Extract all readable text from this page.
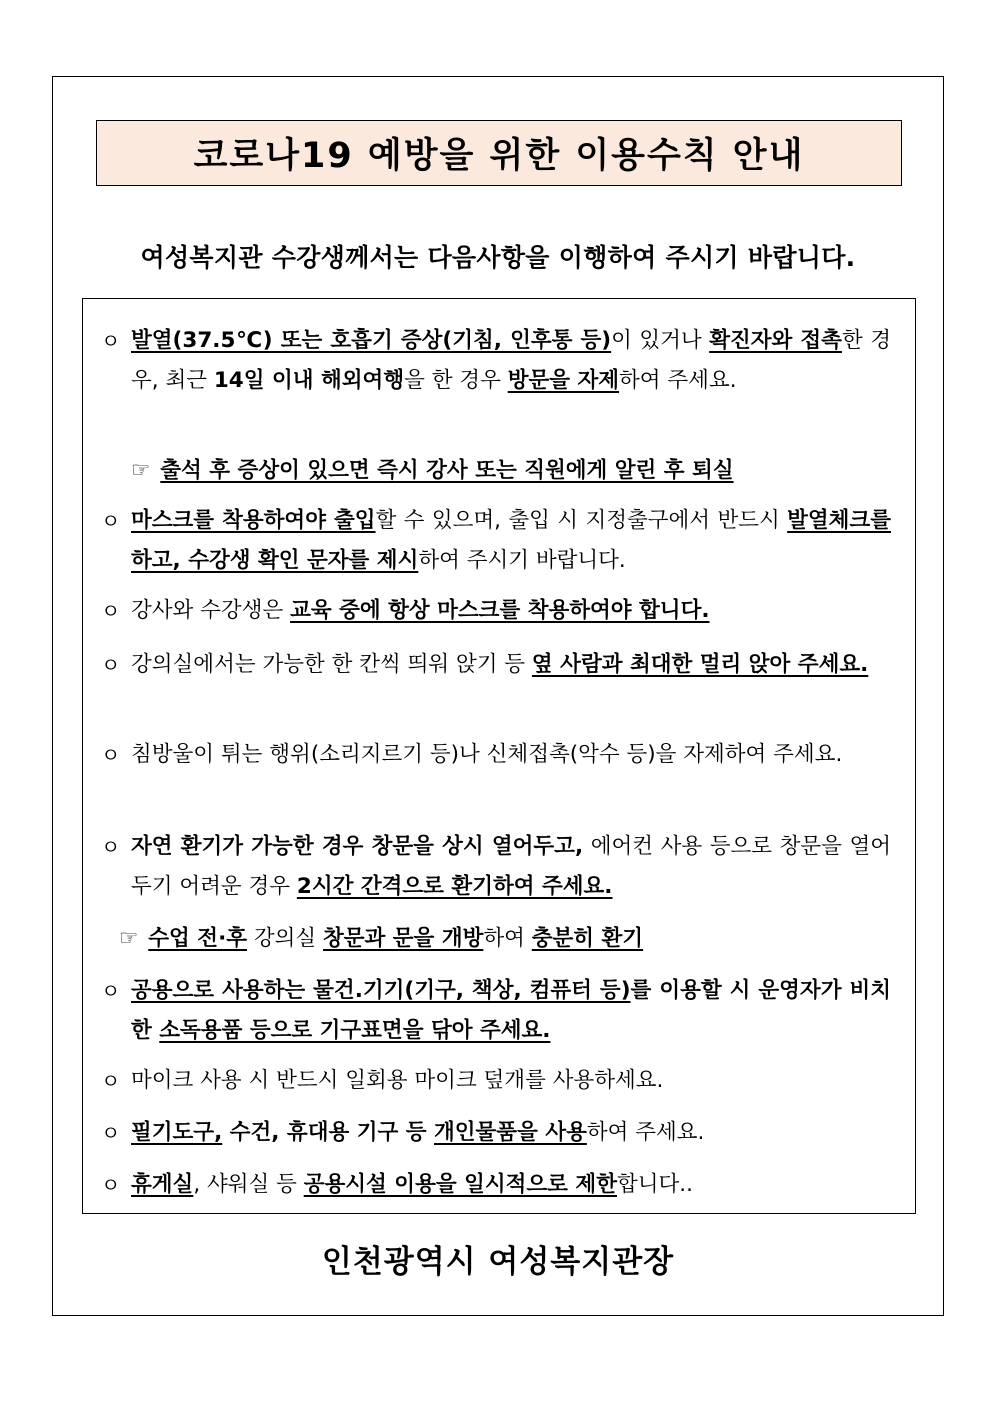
코로나19 예방을 위한 이용수칙 안내
여성복지관 수강생께서는 다음사항을 이행하여 주시기 바랍니다.
ㅇ 발열(37.5℃) 또는 호흡기 증상(기침, 인후통 등)이 있거나 확진자와 접촉한 경우, 최근 14일 이내 해외여행을 한 경우 방문을 자제하여 주세요.
☞ 출석 후 증상이 있으면 즉시 강사 또는 직원에게 알린 후 퇴실
ㅇ 마스크를 착용하여야 출입할 수 있으며, 출입 시 지정출구에서 반드시 발열체크를 하고, 수강생 확인 문자를 제시하여 주시기 바랍니다.
ㅇ 강사와 수강생은 교육 중에 항상 마스크를 착용하여야 합니다.
ㅇ 강의실에서는 가능한 한 칸씩 띄워 앉기 등 옆 사람과 최대한 멀리 앉아 주세요.
ㅇ 침방울이 튀는 행위(소리지르기 등)나 신체접촉(악수 등)을 자제하여 주세요.
ㅇ 자연 환기가 가능한 경우 창문을 상시 열어두고, 에어컨 사용 등으로 창문을 열어두기 어려운 경우 2시간 간격으로 환기하여 주세요.
☞ 수업 전·후 강의실 창문과 문을 개방하여 충분히 환기
ㅇ 공용으로 사용하는 물건.기기(기구, 책상, 컴퓨터 등)를 이용할 시 운영자가 비치한 소독용품 등으로 기구표면을 닦아 주세요.
ㅇ 마이크 사용 시 반드시 일회용 마이크 덮개를 사용하세요.
ㅇ 필기도구, 수건, 휴대용 기구 등 개인물품을 사용하여 주세요.
ㅇ 휴게실, 샤워실 등 공용시설 이용을 일시적으로 제한합니다..
인천광역시 여성복지관장
